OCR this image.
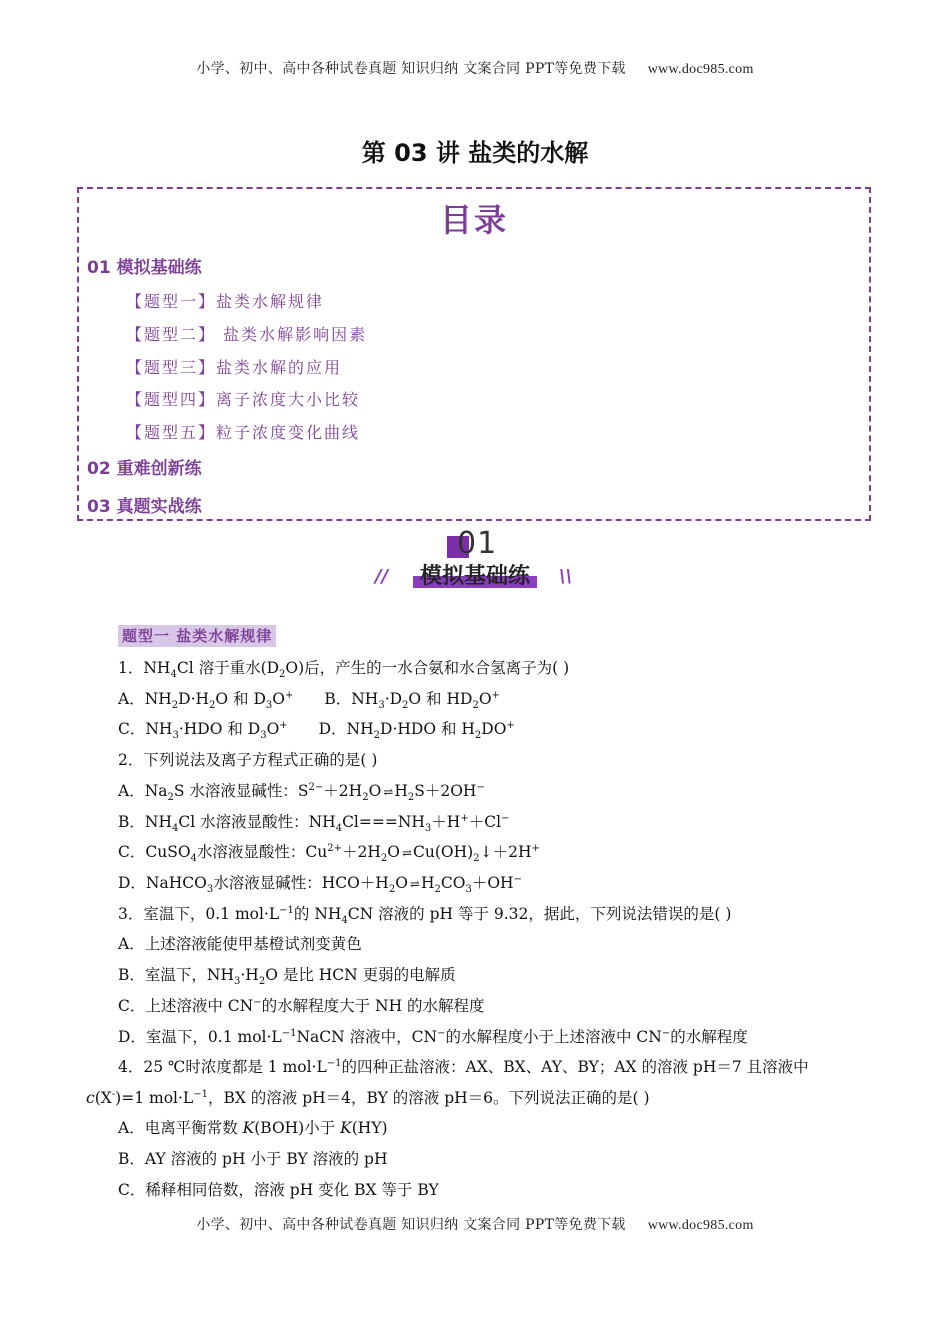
小学、初中、高中各种试卷真题 知识归纳 文案合同 PPT等免费下载 www.doc985.com
第 03 讲 盐类的水解
目录
01 模拟基础练
【题型一】盐类水解规律
【题型二】 盐类水解影响因素
【题型三】盐类水解的应用
【题型四】离子浓度大小比较
【题型五】粒子浓度变化曲线
02 重难创新练
03 真题实战练
01
//	模拟基础练	\\
题型一 盐类水解规律
1．$NH_4Cl$ 溶于重水$(D_2O)$后，产生的一水合氨和水合氢离子为( )
A．$NH_2D\cdot H_2O$ 和 $D_3O^+$ B．$NH_3\cdot D_2O$ 和 $HD_2O^+$
C．$NH_3\cdot HDO$ 和 $D_3O^+$ D．$NH_2D\cdot HDO$ 和 $H_2DO^+$
2．下列说法及离子方程式正确的是( )
A．$Na_2S$ 水溶液显碱性：$S^{2-}+2H_2O$ ⇌ $H_2S+2OH^-$
B．$NH_4Cl$ 水溶液显酸性：$NH_4Cl===NH_3+H^++Cl^-$
C．CuSO$_4$水溶液显酸性：$Cu^{2+}+2H_2O$ ⇌ $Cu(OH)_2↓+2H^+$
D．NaHCO$_3$水溶液显碱性：$HCO+H_2O$ ⇌ $H_2CO_3+OH^-$
3．室温下，0.1 $mol\cdot L^{-1}$的 $NH_4CN$ 溶液的 pH 等于 9.32，据此，下列说法错误的是( )
A．上述溶液能使甲基橙试剂变黄色
B．室温下，$NH_3\cdot H_2O$ 是比 HCN 更弱的电解质
C．上述溶液中 CN−的水解程度大于 NH 的水解程度
D．室温下，0.1 $mol\cdot L^{-1}NaCN$ 溶液中，CN−的水解程度小于上述溶液中 CN−的水解程度
4．25 ℃时浓度都是 1 $mol\cdot L^{-1}$的四种正盐溶液：AX、BX、AY、BY；AX 的溶液 pH＝7 且溶液中
c(X-)=1 $mol\cdot L^{-1}$，BX 的溶液 pH＝4，BY 的溶液 pH＝6。下列说法正确的是( )
A．电离平衡常数 K(BOH)小于 K(HY)
B．AY 溶液的 pH 小于 BY 溶液的 pH
C．稀释相同倍数，溶液 pH 变化 BX 等于 BY
小学、初中、高中各种试卷真题 知识归纳 文案合同 PPT等免费下载 www.doc985.com
